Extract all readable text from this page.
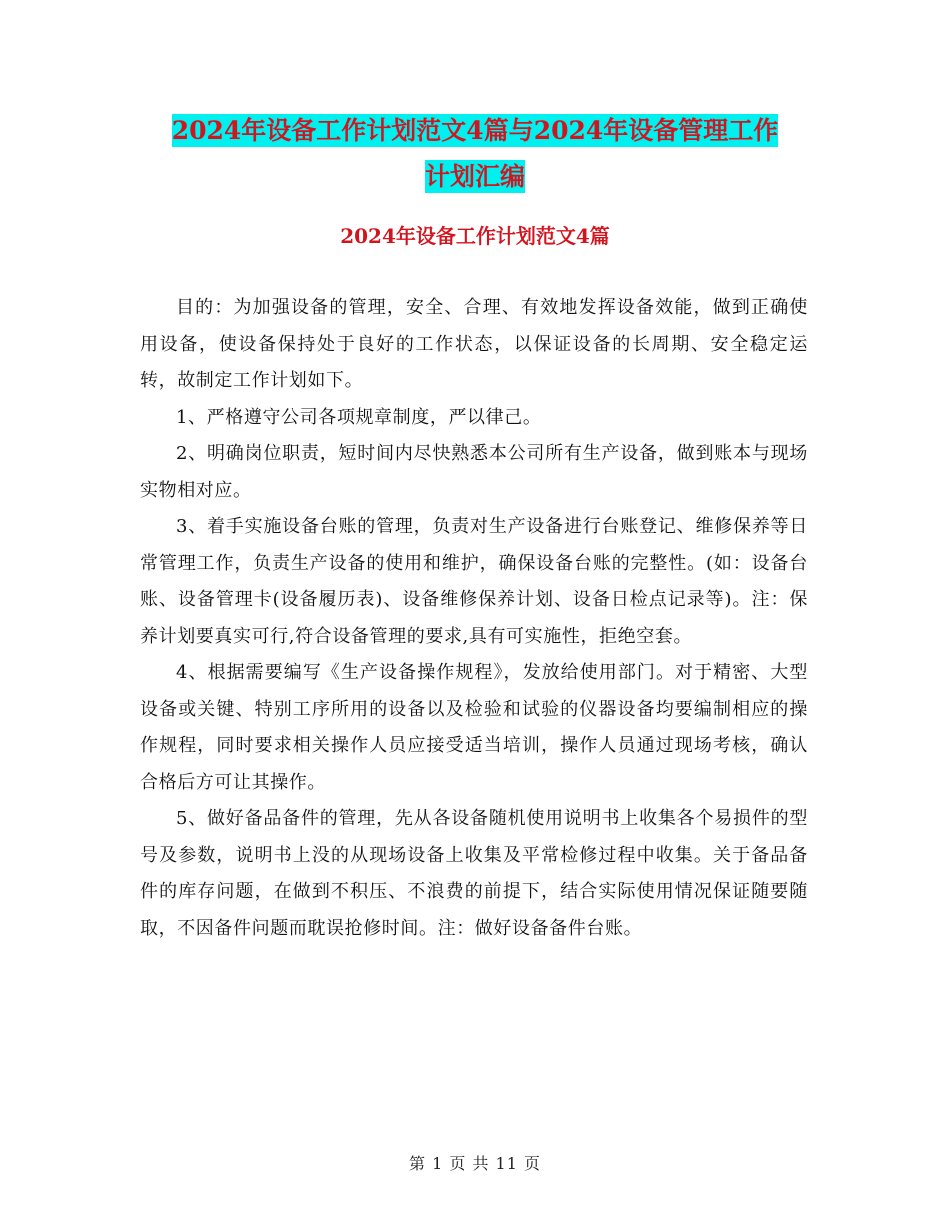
2024年设备工作计划范文4篇与2024年设备管理工作
计划汇编
2024年设备工作计划范文4篇

目的：为加强设备的管理，安全、合理、有效地发挥设备效能，做到正确使用设备，使设备保持处于良好的工作状态，以保证设备的长周期、安全稳定运转，故制定工作计划如下。

1、严格遵守公司各项规章制度，严以律己。

2、明确岗位职责，短时间内尽快熟悉本公司所有生产设备，做到账本与现场实物相对应。

3、着手实施设备台账的管理，负责对生产设备进行台账登记、维修保养等日常管理工作，负责生产设备的使用和维护，确保设备台账的完整性。(如：设备台账、设备管理卡(设备履历表)、设备维修保养计划、设备日检点记录等)。注：保养计划要真实可行,符合设备管理的要求,具有可实施性，拒绝空套。

4、根据需要编写《生产设备操作规程》，发放给使用部门。对于精密、大型设备或关键、特别工序所用的设备以及检验和试验的仪器设备均要编制相应的操作规程，同时要求相关操作人员应接受适当培训，操作人员通过现场考核，确认合格后方可让其操作。

5、做好备品备件的管理，先从各设备随机使用说明书上收集各个易损件的型号及参数，说明书上没的从现场设备上收集及平常检修过程中收集。关于备品备件的库存问题，在做到不积压、不浪费的前提下，结合实际使用情况保证随要随取，不因备件问题而耽误抢修时间。注：做好设备备件台账。

第 1 页 共 11 页
